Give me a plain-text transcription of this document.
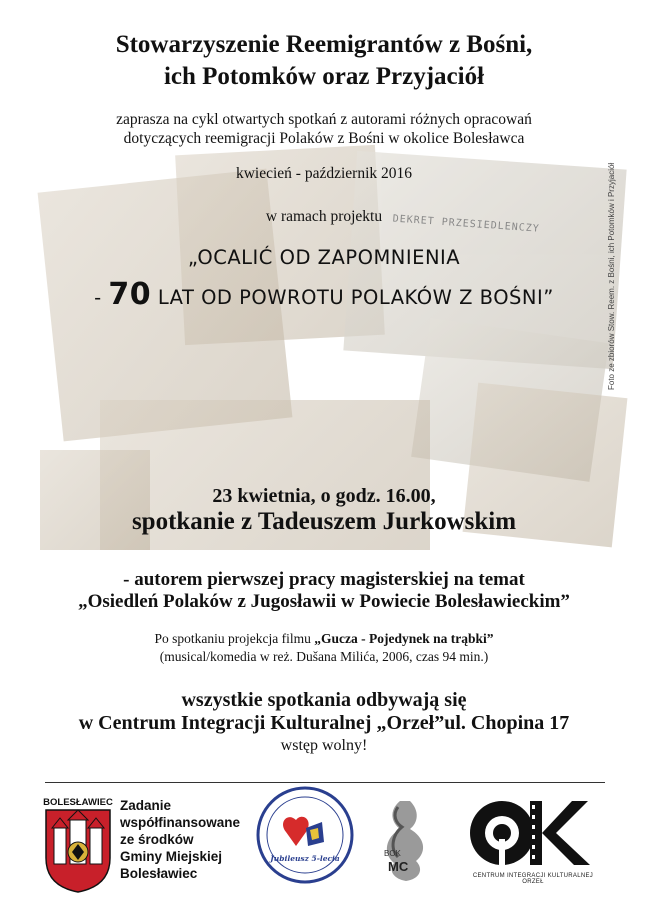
DEKRET PRZESIEDLENCZY	Foto ze zbiorów Stow. Reem. z Bośni, ich Potomków i Przyjaciół
Stowarzyszenie Reemigrantów z Bośni,
ich Potomków oraz Przyjaciół
zaprasza na cykl otwartych spotkań z autorami różnych opracowań
dotyczących reemigracji Polaków z Bośni w okolice Bolesławca
kwiecień - październik 2016
w ramach projektu
„OCALIĆ OD ZAPOMNIENIA
- 70 LAT OD POWROTU POLAKÓW Z BOŚNI”
23 kwietnia, o godz. 16.00,
spotkanie z Tadeuszem Jurkowskim
- autorem pierwszej pracy magisterskiej na temat
„Osiedleń Polaków z Jugosławii w Powiecie Bolesławieckim”
Po spotkaniu projekcja filmu „Gucza - Pojedynek na trąbki”
(musical/komedia w reż. Dušana Milića, 2006, czas 94 min.)
wszystkie spotkania odbywają się
w Centrum Integracji Kulturalnej „Orzeł”ul. Chopina 17
wstęp wolny!
BOLESŁAWIEC Zadanie
współfinansowane
ze środków
Gminy Miejskiej
Bolesławiec
Jubileusz 5-lecia
BOK
MC
CENTRUM INTEGRACJI KULTURALNEJ ORZEŁ
